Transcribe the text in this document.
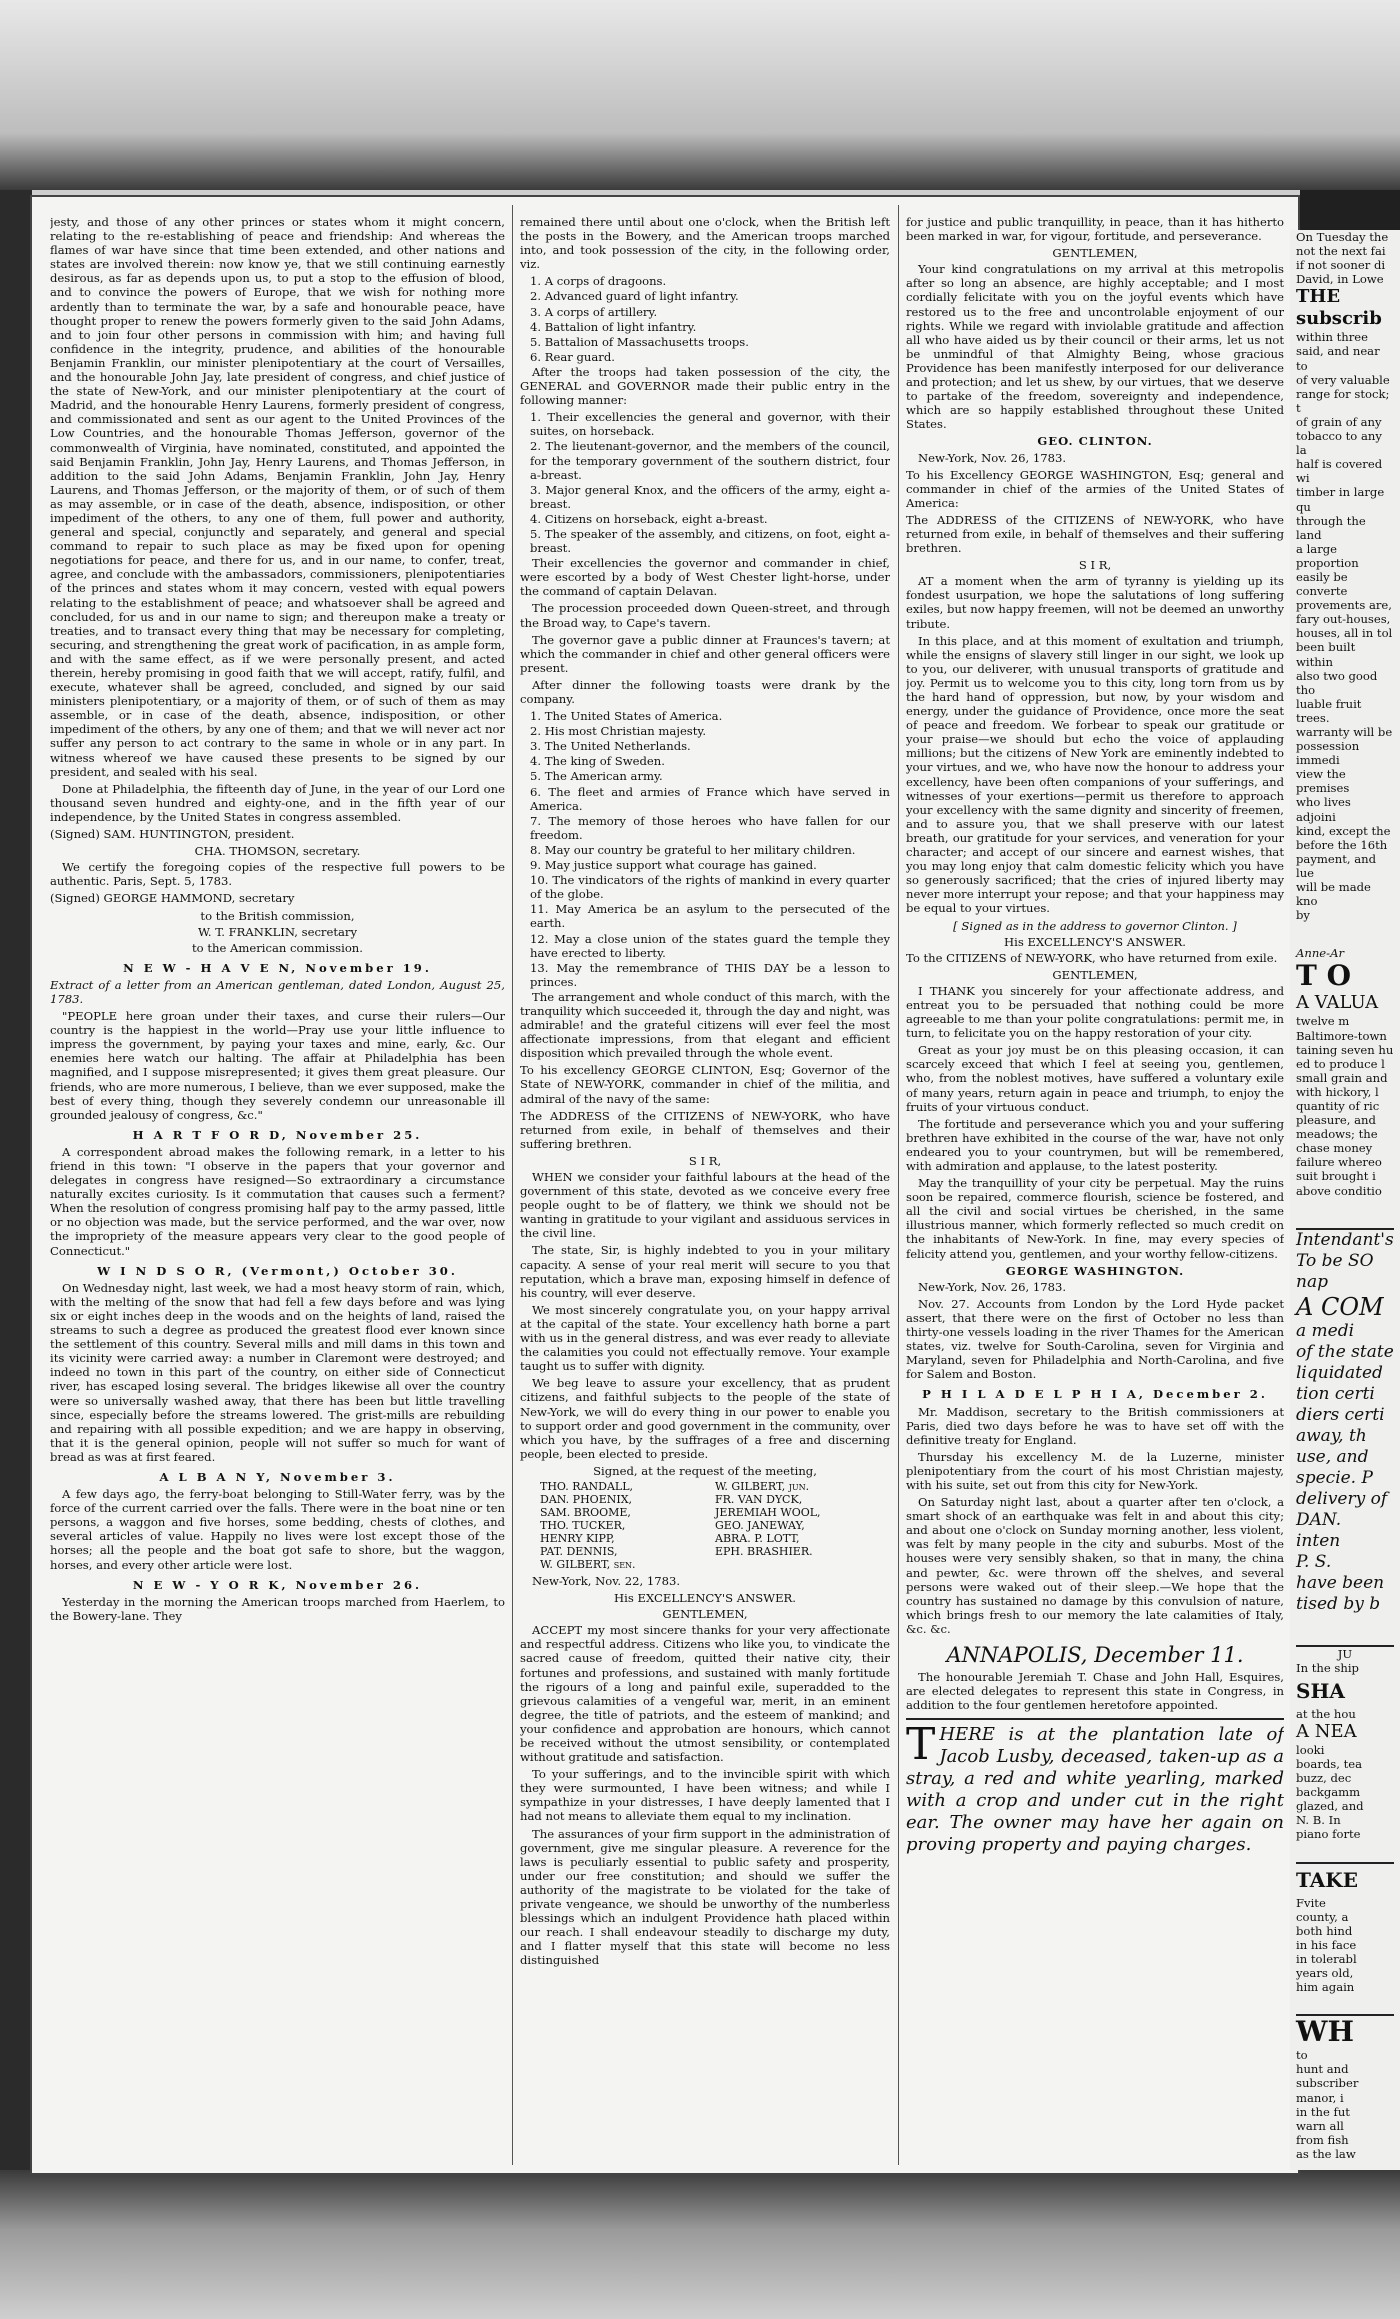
jesty, and those of any other princes or states whom it might concern, relating to the re-establishing of peace and friendship: And whereas the flames of war have since that time been extended, and other nations and states are involved therein: now know ye, that we still continuing earnestly desirous, as far as depends upon us, to put a stop to the effusion of blood, and to convince the powers of Europe, that we wish for nothing more ardently than to terminate the war, by a safe and honourable peace, have thought proper to renew the powers formerly given to the said John Adams, and to join four other persons in commission with him; and having full confidence in the integrity, prudence, and abilities of the honourable Benjamin Franklin, our minister plenipotentiary at the court of Versailles, and the honourable John Jay, late president of congress, and chief justice of the state of New-York, and our minister plenipotentiary at the court of Madrid, and the honourable Henry Laurens, formerly president of congress, and commissionated and sent as our agent to the United Provinces of the Low Countries, and the honourable Thomas Jefferson, governor of the commonwealth of Virginia, have nominated, constituted, and appointed the said Benjamin Franklin, John Jay, Henry Laurens, and Thomas Jefferson, in addition to the said John Adams, Benjamin Franklin, John Jay, Henry Laurens, and Thomas Jefferson, or the majority of them, or of such of them as may assemble, or in case of the death, absence, indisposition, or other impediment of the others, to any one of them, full power and authority, general and special, conjunctly and separately, and general and special command to repair to such place as may be fixed upon for opening negotiations for peace, and there for us, and in our name, to confer, treat, agree, and conclude with the ambassadors, commissioners, plenipotentiaries of the princes and states whom it may concern, vested with equal powers relating to the establishment of peace; and whatsoever shall be agreed and concluded, for us and in our name to sign; and thereupon make a treaty or treaties, and to transact every thing that may be necessary for completing, securing, and strengthening the great work of pacification, in as ample form, and with the same effect, as if we were personally present, and acted therein, hereby promising in good faith that we will accept, ratify, fulfil, and execute, whatever shall be agreed, concluded, and signed by our said ministers plenipotentiary, or a majority of them, or of such of them as may assemble, or in case of the death, absence, indisposition, or other impediment of the others, by any one of them; and that we will never act nor suffer any person to act contrary to the same in whole or in any part. In witness whereof we have caused these presents to be signed by our president, and sealed with his seal.

Done at Philadelphia, the fifteenth day of June, in the year of our Lord one thousand seven hundred and eighty-one, and in the fifth year of our independence, by the United States in congress assembled.

(Signed) SAM. HUNTINGTON, president.

CHA. THOMSON, secretary.

We certify the foregoing copies of the respective full powers to be authentic. Paris, Sept. 5, 1783.

(Signed) GEORGE HAMMOND, secretary

to the British commission,

W. T. FRANKLIN, secretary

to the American commission.

N E W - H A V E N, November 19.

Extract of a letter from an American gentleman, dated London, August 25, 1783.

"PEOPLE here groan under their taxes, and curse their rulers—Our country is the happiest in the world—Pray use your little influence to impress the government, by paying your taxes and mine, early, &c. Our enemies here watch our halting. The affair at Philadelphia has been magnified, and I suppose misrepresented; it gives them great pleasure. Our friends, who are more numerous, I believe, than we ever supposed, make the best of every thing, though they severely condemn our unreasonable ill grounded jealousy of congress, &c."

H A R T F O R D, November 25.

A correspondent abroad makes the following remark, in a letter to his friend in this town: "I observe in the papers that your governor and delegates in congress have resigned—So extraordinary a circumstance naturally excites curiosity. Is it commutation that causes such a ferment? When the resolution of congress promising half pay to the army passed, little or no objection was made, but the service performed, and the war over, now the impropriety of the measure appears very clear to the good people of Connecticut."

W I N D S O R, (Vermont,) October 30.

On Wednesday night, last week, we had a most heavy storm of rain, which, with the melting of the snow that had fell a few days before and was lying six or eight inches deep in the woods and on the heights of land, raised the streams to such a degree as produced the greatest flood ever known since the settlement of this country. Several mills and mill dams in this town and its vicinity were carried away: a number in Claremont were destroyed; and indeed no town in this part of the country, on either side of Connecticut river, has escaped losing several. The bridges likewise all over the country were so universally washed away, that there has been but little travelling since, especially before the streams lowered. The grist-mills are rebuilding and repairing with all possible expedition; and we are happy in observing, that it is the general opinion, people will not suffer so much for want of bread as was at first feared.

A L B A N Y, November 3.

A few days ago, the ferry-boat belonging to Still-Water ferry, was by the force of the current carried over the falls. There were in the boat nine or ten persons, a waggon and five horses, some bedding, chests of clothes, and several articles of value. Happily no lives were lost except those of the horses; all the people and the boat got safe to shore, but the waggon, horses, and every other article were lost.

N E W - Y O R K, November 26.

Yesterday in the morning the American troops marched from Haerlem, to the Bowery-lane. They

remained there until about one o'clock, when the British left the posts in the Bowery, and the American troops marched into, and took possession of the city, in the following order, viz.

1. A corps of dragoons.

2. Advanced guard of light infantry.

3. A corps of artillery.

4. Battalion of light infantry.

5. Battalion of Massachusetts troops.

6. Rear guard.

After the troops had taken possession of the city, the GENERAL and GOVERNOR made their public entry in the following manner:

1. Their excellencies the general and governor, with their suites, on horseback.

2. The lieutenant-governor, and the members of the council, for the temporary government of the southern district, four a-breast.

3. Major general Knox, and the officers of the army, eight a-breast.

4. Citizens on horseback, eight a-breast.

5. The speaker of the assembly, and citizens, on foot, eight a-breast.

Their excellencies the governor and commander in chief, were escorted by a body of West Chester light-horse, under the command of captain Delavan.

The procession proceeded down Queen-street, and through the Broad way, to Cape's tavern.

The governor gave a public dinner at Fraunces's tavern; at which the commander in chief and other general officers were present.

After dinner the following toasts were drank by the company.

1. The United States of America.

2. His most Christian majesty.

3. The United Netherlands.

4. The king of Sweden.

5. The American army.

6. The fleet and armies of France which have served in America.

7. The memory of those heroes who have fallen for our freedom.

8. May our country be grateful to her military children.

9. May justice support what courage has gained.

10. The vindicators of the rights of mankind in every quarter of the globe.

11. May America be an asylum to the persecuted of the earth.

12. May a close union of the states guard the temple they have erected to liberty.

13. May the remembrance of THIS DAY be a lesson to princes.

The arrangement and whole conduct of this march, with the tranquility which succeeded it, through the day and night, was admirable! and the grateful citizens will ever feel the most affectionate impressions, from that elegant and efficient disposition which prevailed through the whole event.

To his excellency GEORGE CLINTON, Esq; Governor of the State of NEW-YORK, commander in chief of the militia, and admiral of the navy of the same:

The ADDRESS of the CITIZENS of NEW-YORK, who have returned from exile, in behalf of themselves and their suffering brethren.

S I R,

WHEN we consider your faithful labours at the head of the government of this state, devoted as we conceive every free people ought to be of flattery, we think we should not be wanting in gratitude to your vigilant and assiduous services in the civil line.

The state, Sir, is highly indebted to you in your military capacity. A sense of your real merit will secure to you that reputation, which a brave man, exposing himself in defence of his country, will ever deserve.

We most sincerely congratulate you, on your happy arrival at the capital of the state. Your excellency hath borne a part with us in the general distress, and was ever ready to alleviate the calamities you could not effectually remove. Your example taught us to suffer with dignity.

We beg leave to assure your excellency, that as prudent citizens, and faithful subjects to the people of the state of New-York, we will do every thing in our power to enable you to support order and good government in the community, over which you have, by the suffrages of a free and discerning people, been elected to preside.

Signed, at the request of the meeting,

THO. RANDALL,	W. GILBERT, jun.
DAN. PHOENIX,	FR. VAN DYCK,
SAM. BROOME,	JEREMIAH WOOL,
THO. TUCKER,	GEO. JANEWAY,
HENRY KIPP,	ABRA. P. LOTT,
PAT. DENNIS,	EPH. BRASHIER.
W. GILBERT, sen.

New-York, Nov. 22, 1783.

His EXCELLENCY'S ANSWER.

GENTLEMEN,

ACCEPT my most sincere thanks for your very affectionate and respectful address. Citizens who like you, to vindicate the sacred cause of freedom, quitted their native city, their fortunes and professions, and sustained with manly fortitude the rigours of a long and painful exile, superadded to the grievous calamities of a vengeful war, merit, in an eminent degree, the title of patriots, and the esteem of mankind; and your confidence and approbation are honours, which cannot be received without the utmost sensibility, or contemplated without gratitude and satisfaction.

To your sufferings, and to the invincible spirit with which they were surmounted, I have been witness; and while I sympathize in your distresses, I have deeply lamented that I had not means to alleviate them equal to my inclination.

The assurances of your firm support in the administration of government, give me singular pleasure. A reverence for the laws is peculiarly essential to public safety and prosperity, under our free constitution; and should we suffer the authority of the magistrate to be violated for the take of private vengeance, we should be unworthy of the numberless blessings which an indulgent Providence hath placed within our reach. I shall endeavour steadily to discharge my duty, and I flatter myself that this state will become no less distinguished

for justice and public tranquillity, in peace, than it has hitherto been marked in war, for vigour, fortitude, and perseverance.

GENTLEMEN,

Your kind congratulations on my arrival at this metropolis after so long an absence, are highly acceptable; and I most cordially felicitate with you on the joyful events which have restored us to the free and uncontrolable enjoyment of our rights. While we regard with inviolable gratitude and affection all who have aided us by their council or their arms, let us not be unmindful of that Almighty Being, whose gracious Providence has been manifestly interposed for our deliverance and protection; and let us shew, by our virtues, that we deserve to partake of the freedom, sovereignty and independence, which are so happily established throughout these United States.

GEO. CLINTON.

New-York, Nov. 26, 1783.

To his Excellency GEORGE WASHINGTON, Esq; general and commander in chief of the armies of the United States of America:

The ADDRESS of the CITIZENS of NEW-YORK, who have returned from exile, in behalf of themselves and their suffering brethren.

S I R,

AT a moment when the arm of tyranny is yielding up its fondest usurpation, we hope the salutations of long suffering exiles, but now happy freemen, will not be deemed an unworthy tribute.

In this place, and at this moment of exultation and triumph, while the ensigns of slavery still linger in our sight, we look up to you, our deliverer, with unusual transports of gratitude and joy. Permit us to welcome you to this city, long torn from us by the hard hand of oppression, but now, by your wisdom and energy, under the guidance of Providence, once more the seat of peace and freedom. We forbear to speak our gratitude or your praise—we should but echo the voice of applauding millions; but the citizens of New York are eminently indebted to your virtues, and we, who have now the honour to address your excellency, have been often companions of your sufferings, and witnesses of your exertions—permit us therefore to approach your excellency with the same dignity and sincerity of freemen, and to assure you, that we shall preserve with our latest breath, our gratitude for your services, and veneration for your character; and accept of our sincere and earnest wishes, that you may long enjoy that calm domestic felicity which you have so generously sacrificed; that the cries of injured liberty may never more interrupt your repose; and that your happiness may be equal to your virtues.

[ Signed as in the address to governor Clinton. ]

His EXCELLENCY'S ANSWER.

To the CITIZENS of NEW-YORK, who have returned from exile.

GENTLEMEN,

I THANK you sincerely for your affectionate address, and entreat you to be persuaded that nothing could be more agreeable to me than your polite congratulations: permit me, in turn, to felicitate you on the happy restoration of your city.

Great as your joy must be on this pleasing occasion, it can scarcely exceed that which I feel at seeing you, gentlemen, who, from the noblest motives, have suffered a voluntary exile of many years, return again in peace and triumph, to enjoy the fruits of your virtuous conduct.

The fortitude and perseverance which you and your suffering brethren have exhibited in the course of the war, have not only endeared you to your countrymen, but will be remembered, with admiration and applause, to the latest posterity.

May the tranquillity of your city be perpetual. May the ruins soon be repaired, commerce flourish, science be fostered, and all the civil and social virtues be cherished, in the same illustrious manner, which formerly reflected so much credit on the inhabitants of New-York. In fine, may every species of felicity attend you, gentlemen, and your worthy fellow-citizens.

GEORGE WASHINGTON.

New-York, Nov. 26, 1783.

Nov. 27. Accounts from London by the Lord Hyde packet assert, that there were on the first of October no less than thirty-one vessels loading in the river Thames for the American states, viz. twelve for South-Carolina, seven for Virginia and Maryland, seven for Philadelphia and North-Carolina, and five for Salem and Boston.

P H I L A D E L P H I A, December 2.

Mr. Maddison, secretary to the British commissioners at Paris, died two days before he was to have set off with the definitive treaty for England.

Thursday his excellency M. de la Luzerne, minister plenipotentiary from the court of his most Christian majesty, with his suite, set out from this city for New-York.

On Saturday night last, about a quarter after ten o'clock, a smart shock of an earthquake was felt in and about this city; and about one o'clock on Sunday morning another, less violent, was felt by many people in the city and suburbs. Most of the houses were very sensibly shaken, so that in many, the china and pewter, &c. were thrown off the shelves, and several persons were waked out of their sleep.—We hope that the country has sustained no damage by this convulsion of nature, which brings fresh to our memory the late calamities of Italy, &c. &c.

ANNAPOLIS, December 11.

The honourable Jeremiah T. Chase and John Hall, Esquires, are elected delegates to represent this state in Congress, in addition to the four gentlemen heretofore appointed.

T HERE is at the plantation late of Jacob Lusby, deceased, taken-up as a stray, a red and white yearling, marked with a crop and under cut in the right ear. The owner may have her again on proving property and paying charges.
On Tuesday the
not the next fai
if not sooner di
David, in Lowe
THE subscrib
within three
said, and near to
of very valuable
range for stock; t
of grain of any
tobacco to any la
half is covered wi
timber in large qu
through the land
a large proportion
easily be converte
provements are,
fary out-houses,
houses, all in tol
been built within
also two good tho
luable fruit trees.
warranty will be
possession immedi
view the premises
who lives adjoini
kind, except the
before the 16th
payment, and lue
will be made kno
by
Anne-Ar
T O
A VALUA
twelve m
Baltimore-town
taining seven hu
ed to produce l
small grain and
with hickory, l
quantity of ric
pleasure, and
meadows; the
chase money
failure whereo
suit brought i
above conditio
Intendant's
To be SO
nap
A COM
a medi
of the state
liquidated
tion certi
diers certi
away, th
use, and
specie. P
delivery of
DAN.
inten
P. S.
have been
tised by b
JU
In the ship
SHA
at the hou
A NEA
looki
boards, tea
buzz, dec
backgamm
glazed, and
N. B. In
piano forte
TAKE
Fvite
county, a
both hind
in his face
in tolerabl
years old,
him again
WH
to
hunt and
subscriber
manor, i
in the fut
warn all
from fish
as the law
